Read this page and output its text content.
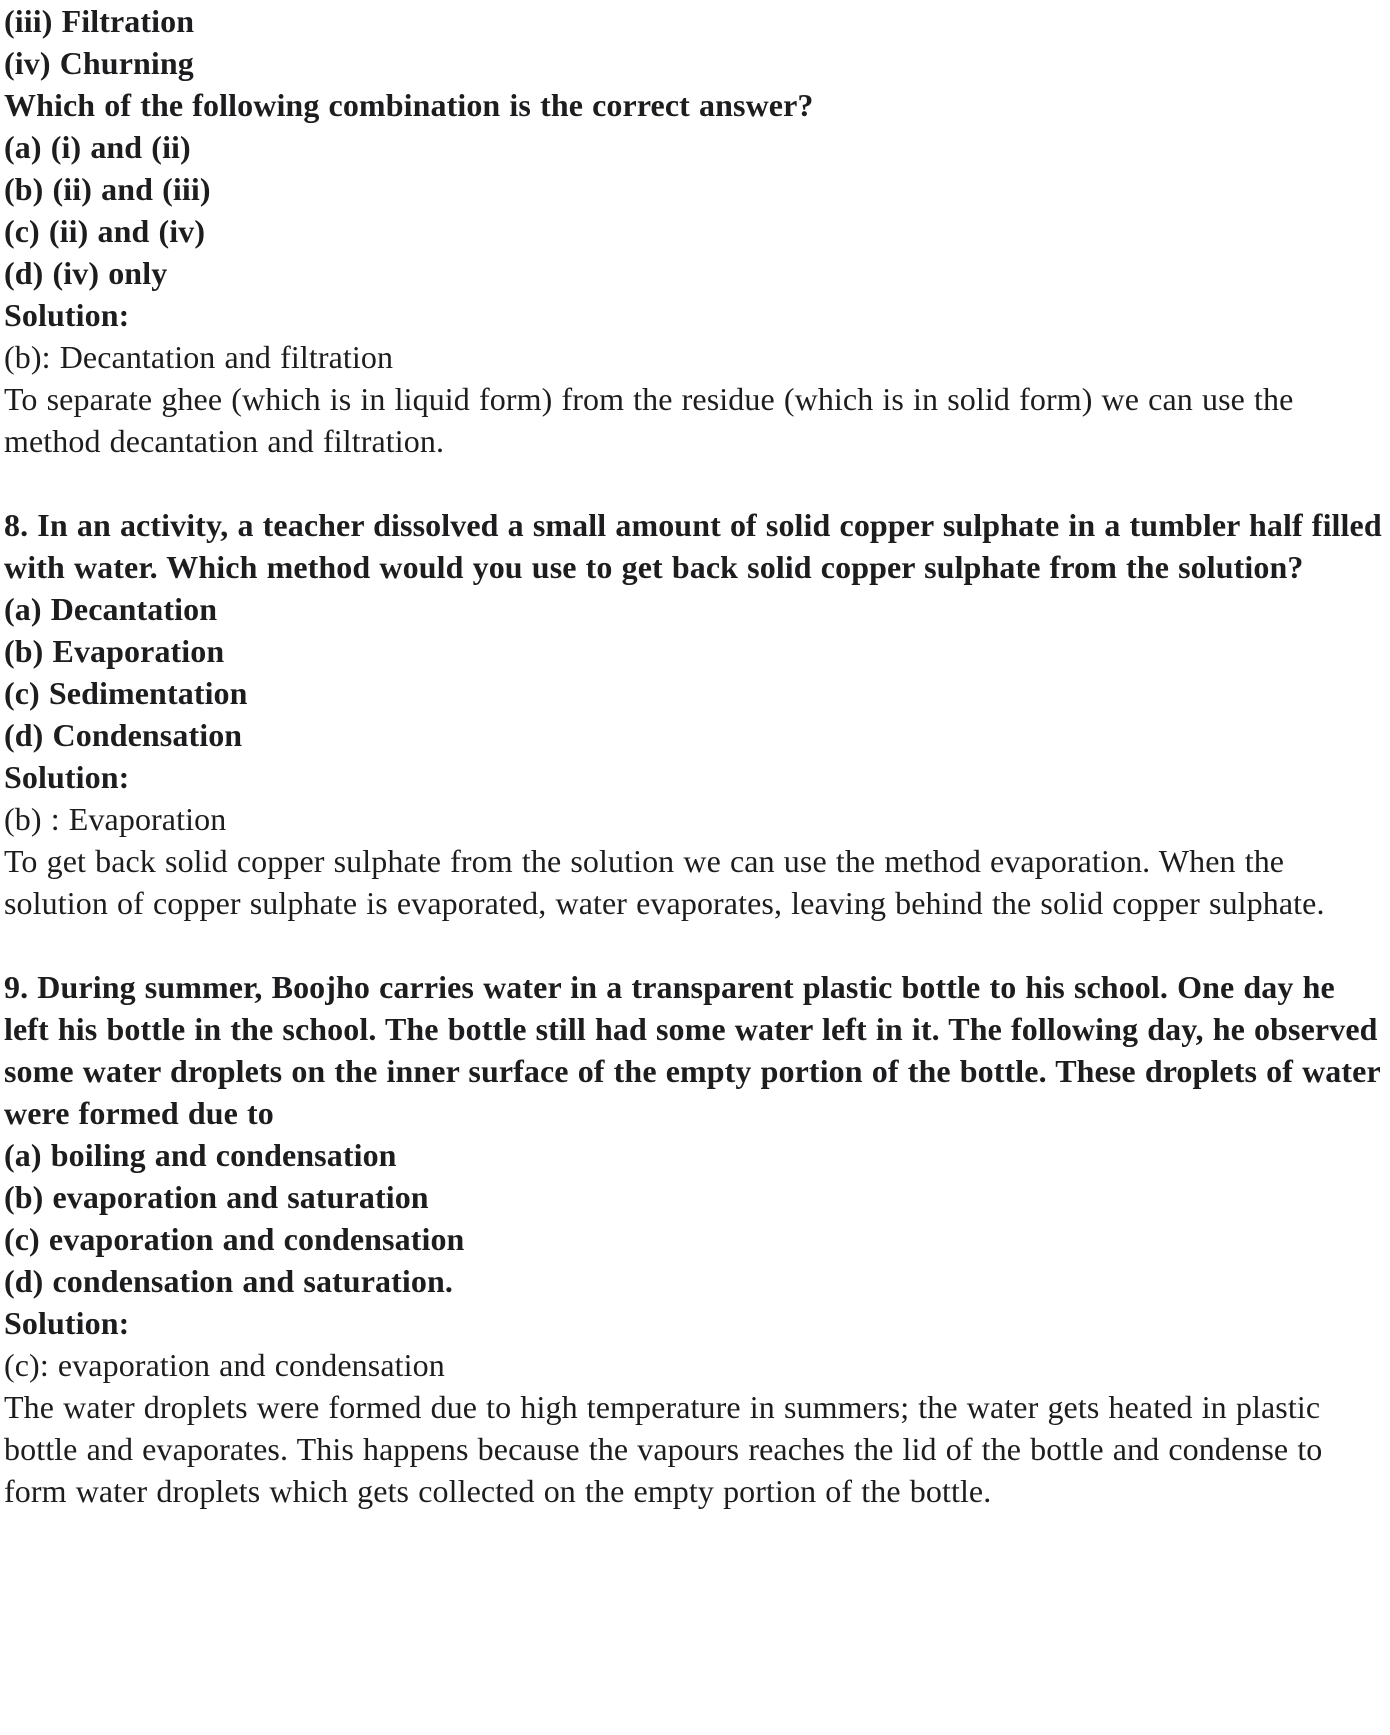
(iii) Filtration

(iv) Churning

Which of the following combination is the correct answer?

(a) (i) and (ii)

(b) (ii) and (iii)

(c) (ii) and (iv)

(d) (iv) only

Solution:

(b): Decantation and filtration

To separate ghee (which is in liquid form) from the residue (which is in solid form) we can use the method decantation and filtration.

8. In an activity, a teacher dissolved a small amount of solid copper sulphate in a tumbler half filled with water. Which method would you use to get back solid copper sulphate from the solution?

(a) Decantation

(b) Evaporation

(c) Sedimentation

(d) Condensation

Solution:

(b) : Evaporation

To get back solid copper sulphate from the solution we can use the method evaporation. When the solution of copper sulphate is evaporated, water evaporates, leaving behind the solid copper sulphate.

9. During summer, Boojho carries water in a transparent plastic bottle to his school. One day he left his bottle in the school. The bottle still had some water left in it. The following day, he observed some water droplets on the inner surface of the empty portion of the bottle. These droplets of water were formed due to

(a) boiling and condensation

(b) evaporation and saturation

(c) evaporation and condensation

(d) condensation and saturation.

Solution:

(c): evaporation and condensation

The water droplets were formed due to high temperature in summers; the water gets heated in plastic bottle and evaporates. This happens because the vapours reaches the lid of the bottle and condense to form water droplets which gets collected on the empty portion of the bottle.
